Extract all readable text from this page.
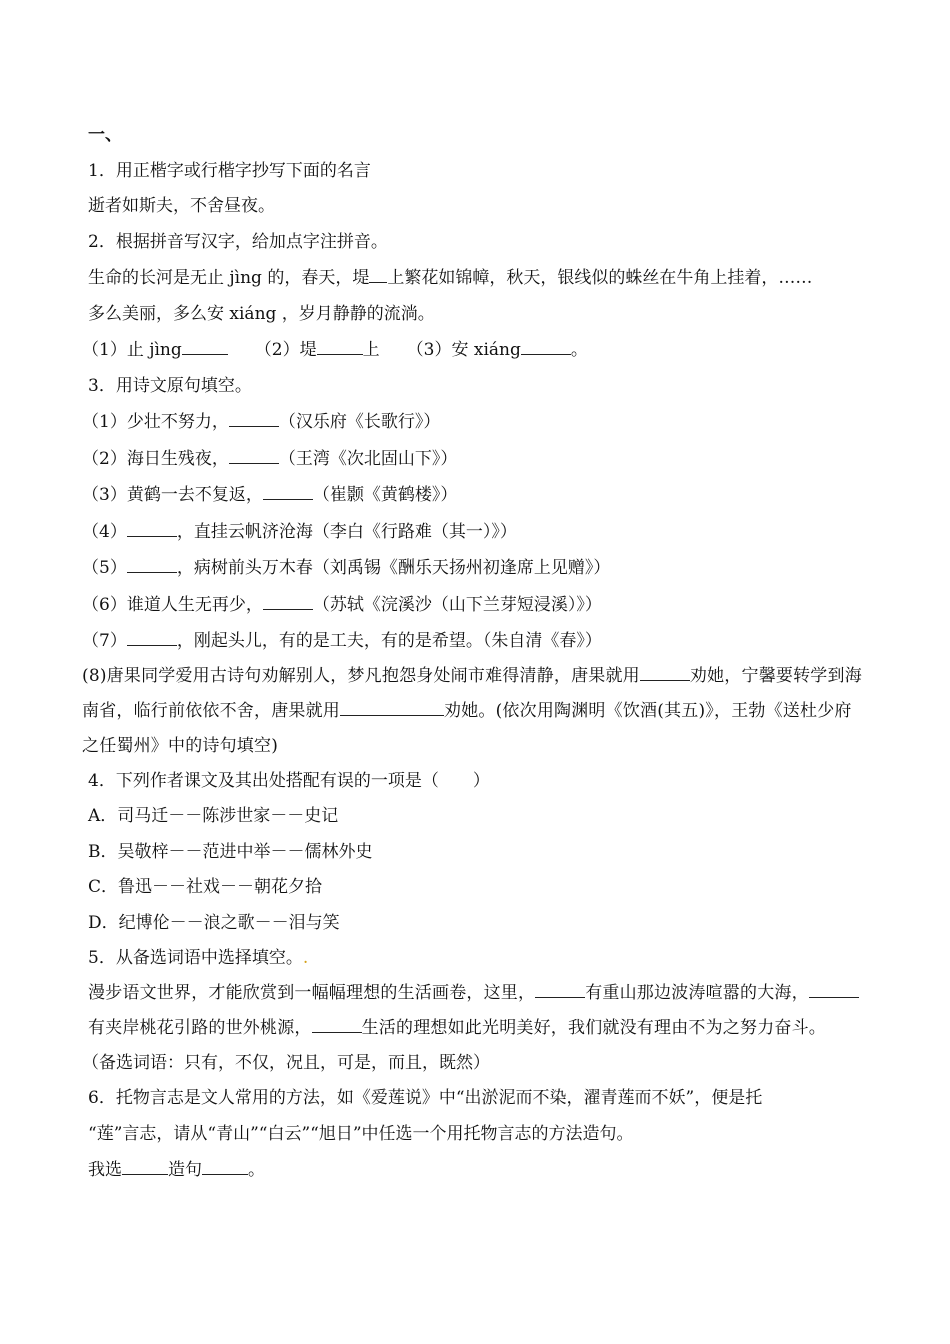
一、
1．用正楷字或行楷字抄写下面的名言
逝者如斯夫，不舍昼夜。
2．根据拼音写汉字，给加点字注拼音。
生命的长河是无止 jìng 的，春天，堤 上繁花如锦幛，秋天，银线似的蛛丝在牛角上挂着，……
多么美丽，多么安 xiáng ，岁月静静的流淌。
（1）止 jìng	（2）堤	上 （3）安 xiáng	。
3．用诗文原句填空。
（1）少壮不努力，	（汉乐府《长歌行》）
（2）海日生残夜，	（王湾《次北固山下》）
（3）黄鹤一去不复返，	（崔颢《黄鹤楼》）
（4）	，直挂云帆济沧海（李白《行路难（其一）》）
（5）	，病树前头万木春（刘禹锡《酬乐天扬州初逢席上见赠》）
（6）谁道人生无再少，	（苏轼《浣溪沙（山下兰芽短浸溪）》）
（7）	，刚起头儿，有的是工夫，有的是希望。（朱自清《春》）
(8)唐果同学爱用古诗句劝解别人，梦凡抱怨身处闹市难得清静，唐果就用	劝她，宁馨要转学到海南省，临行前依依不舍，唐果就用	劝她。(依次用陶渊明《饮酒(其五)》，王勃《送杜少府之任蜀州》中的诗句填空)
4．下列作者课文及其出处搭配有误的一项是（　　）
A．司马迁－－陈涉世家－－史记
B．吴敬梓－－范进中举－－儒林外史
C．鲁迅－－社戏－－朝花夕拾
D．纪博伦－－浪之歌－－泪与笑
5．从备选词语中选择填空。.
漫步语文世界，才能欣赏到一幅幅理想的生活画卷，这里，	有重山那边波涛喧嚣的大海，有夹岸桃花引路的世外桃源，	生活的理想如此光明美好，我们就没有理由不为之努力奋斗。
（备选词语：只有，不仅，况且，可是，而且，既然）
6．托物言志是文人常用的方法，如《爱莲说》中“出淤泥而不染，濯青莲而不妖”，便是托
“莲”言志，请从“青山”“白云”“旭日”中任选一个用托物言志的方法造句。
我选	造句	。
